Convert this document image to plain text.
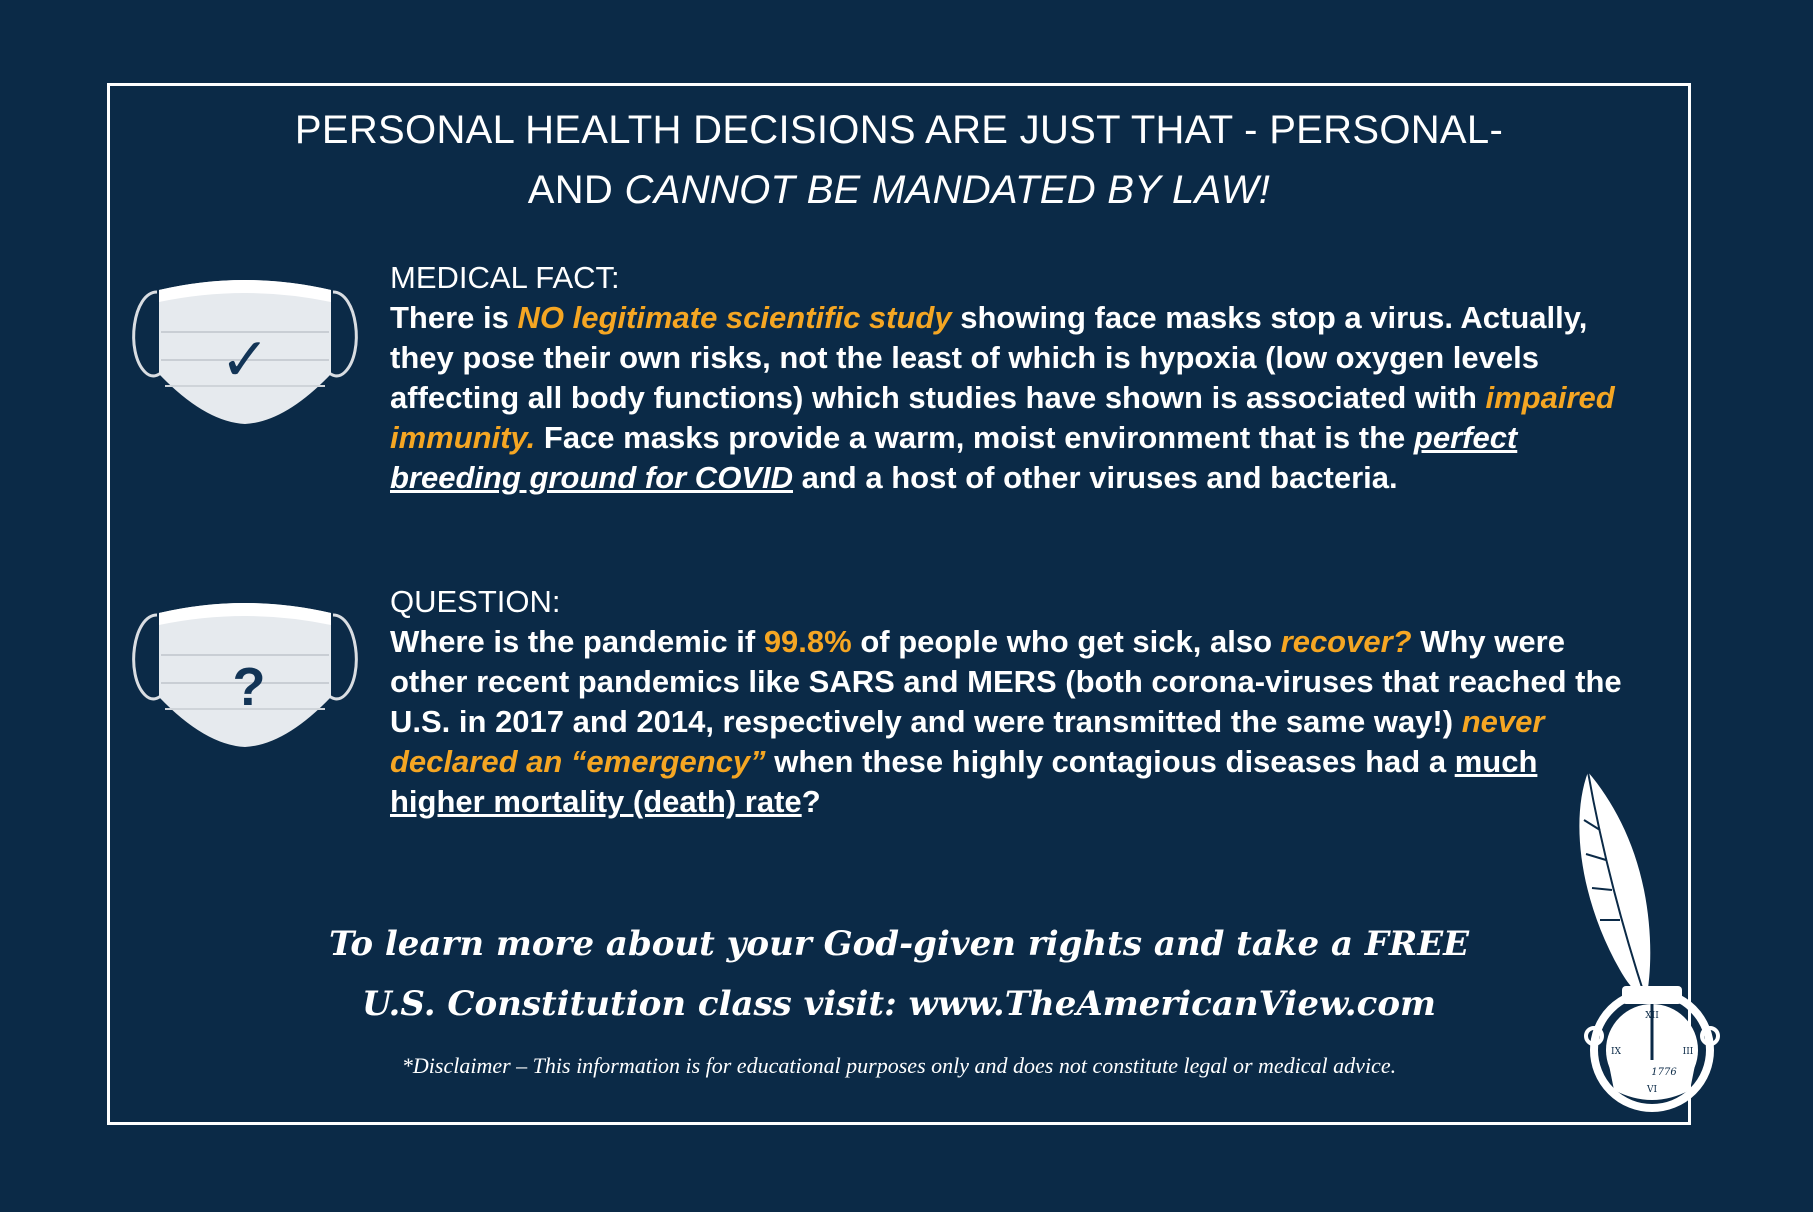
PERSONAL HEALTH DECISIONS ARE JUST THAT - PERSONAL-
AND CANNOT BE MANDATED BY LAW!
✓
?
MEDICAL FACT:
There is NO legitimate scientific study showing face masks stop a virus. Actually, they pose their own risks, not the least of which is hypoxia (low oxygen levels affecting all body functions) which studies have shown is associated with impaired immunity. Face masks provide a warm, moist environment that is the perfect breeding ground for COVID and a host of other viruses and bacteria.
QUESTION:
Where is the pandemic if 99.8% of people who get sick, also recover? Why were other recent pandemics like SARS and MERS (both corona-viruses that reached the U.S. in 2017 and 2014, respectively and were transmitted the same way!) never declared an “emergency” when these highly contagious diseases had a much higher mortality (death) rate?
To learn more about your God-given rights and take a FREE
U.S. Constitution class visit: www.TheAmericanView.com
*Disclaimer – This information is for educational purposes only and does not constitute legal or medical advice.
XII
III
VI
IX
1776
